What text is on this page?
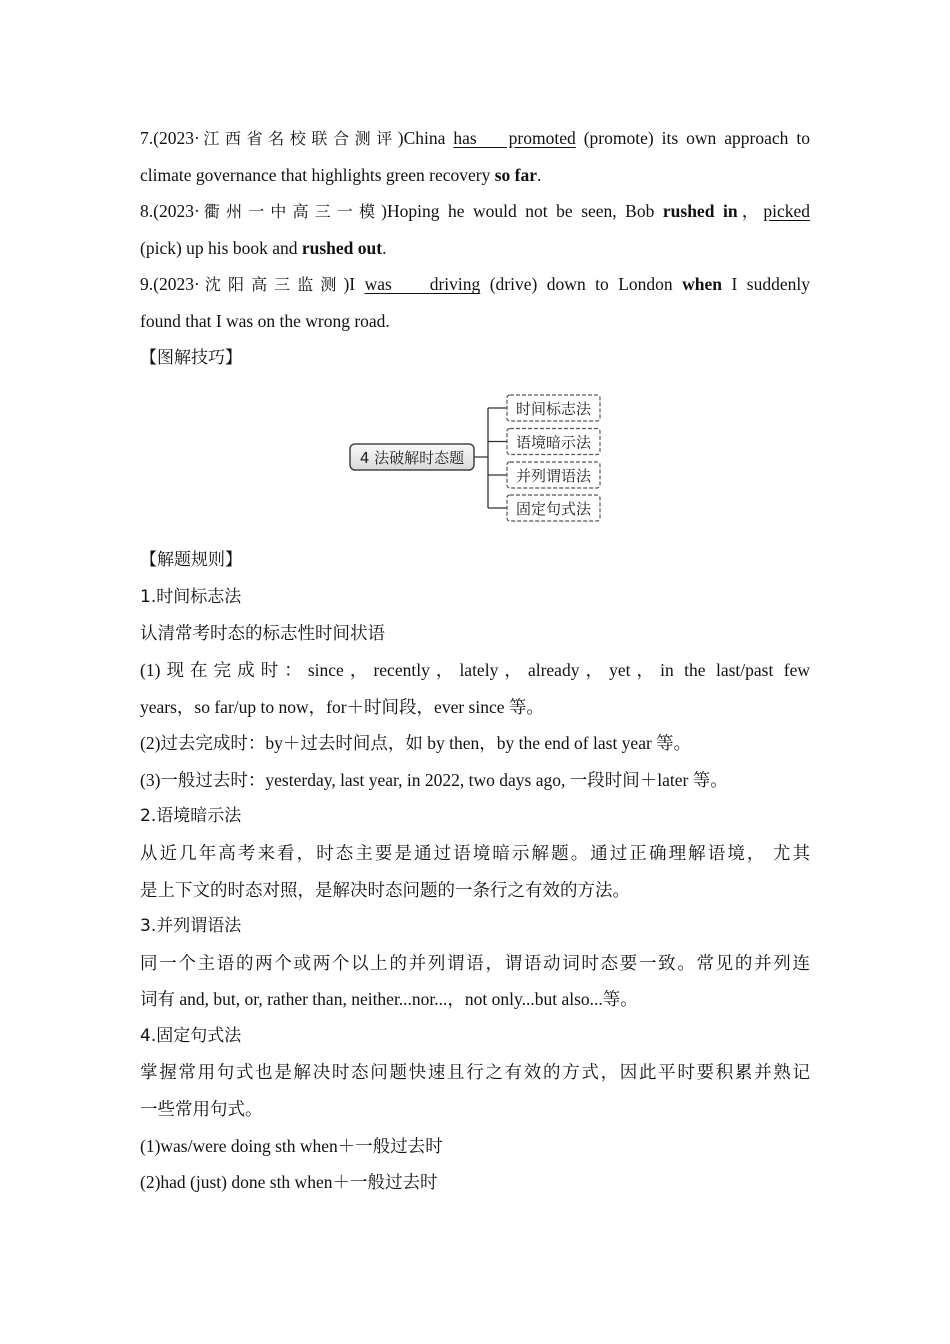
7.(2023·江西省名校联合测评)China has    promoted (promote) its own approach to
climate governance that highlights green recovery so far.
8.(2023·衢州一中高三一模)Hoping he would not be seen, Bob rushed in，picked
(pick) up his book and rushed out.
9.(2023·沈阳高三监测)I was    driving (drive) down to London when I suddenly
found that I was on the wrong road.
【图解技巧】
4 法破解时态题
时间标志法
语境暗示法
并列谓语法
固定句式法
【解题规则】
1.时间标志法
认清常考时态的标志性时间状语
(1)现在完成时：since，recently，lately，already，yet，in the last/past few
years，so far/up to now，for＋时间段，ever since 等。
(2)过去完成时：by＋过去时间点，如 by then，by the end of last year 等。
(3)一般过去时：yesterday, last year, in 2022, two days ago, 一段时间＋later 等。
2.语境暗示法
从近几年高考来看，时态主要是通过语境暗示解题。通过正确理解语境， 尤其
是上下文的时态对照，是解决时态问题的一条行之有效的方法。
3.并列谓语法
同一个主语的两个或两个以上的并列谓语，谓语动词时态要一致。常见的并列连
词有 and, but, or, rather than, neither...nor...，not only...but also...等。
4.固定句式法
掌握常用句式也是解决时态问题快速且行之有效的方式，因此平时要积累并熟记
一些常用句式。
(1)was/were doing sth when＋一般过去时
(2)had (just) done sth when＋一般过去时
